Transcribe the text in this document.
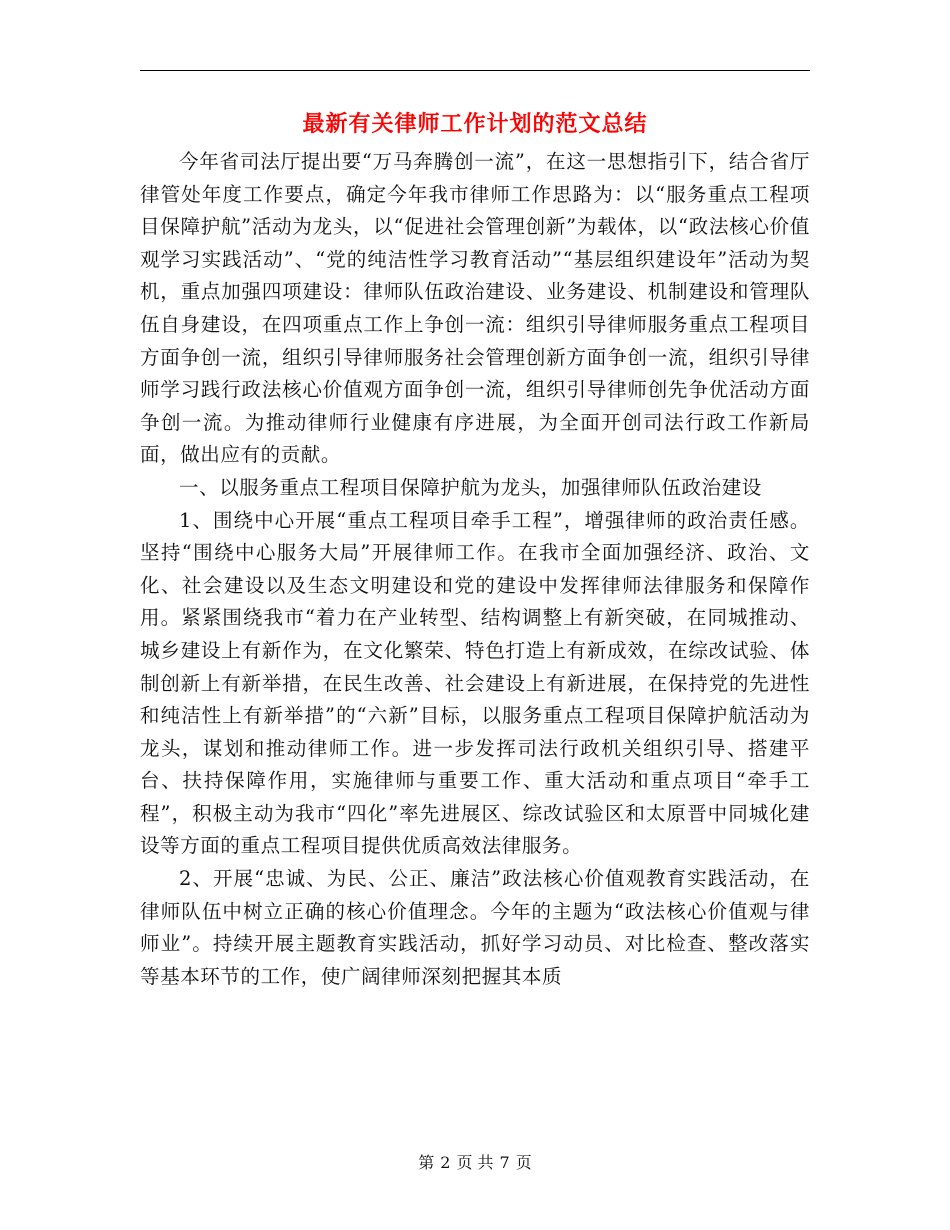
最新有关律师工作计划的范文总结

今年省司法厅提出要“万马奔腾创一流”，在这一思想指引下，结合省厅律管处年度工作要点，确定今年我市律师工作思路为：以“服务重点工程项目保障护航”活动为龙头，以“促进社会管理创新”为载体，以“政法核心价值观学习实践活动”、“党的纯洁性学习教育活动”“基层组织建设年”活动为契机，重点加强四项建设：律师队伍政治建设、业务建设、机制建设和管理队伍自身建设，在四项重点工作上争创一流：组织引导律师服务重点工程项目方面争创一流，组织引导律师服务社会管理创新方面争创一流，组织引导律师学习践行政法核心价值观方面争创一流，组织引导律师创先争优活动方面争创一流。为推动律师行业健康有序进展，为全面开创司法行政工作新局面，做出应有的贡献。

一、以服务重点工程项目保障护航为龙头，加强律师队伍政治建设

1、围绕中心开展“重点工程项目牵手工程”，增强律师的政治责任感。坚持“围绕中心服务大局”开展律师工作。在我市全面加强经济、政治、文化、社会建设以及生态文明建设和党的建设中发挥律师法律服务和保障作用。紧紧围绕我市“着力在产业转型、结构调整上有新突破，在同城推动、城乡建设上有新作为，在文化繁荣、特色打造上有新成效，在综改试验、体制创新上有新举措，在民生改善、社会建设上有新进展，在保持党的先进性和纯洁性上有新举措”的“六新”目标，以服务重点工程项目保障护航活动为龙头，谋划和推动律师工作。进一步发挥司法行政机关组织引导、搭建平台、扶持保障作用，实施律师与重要工作、重大活动和重点项目“牵手工程”，积极主动为我市“四化”率先进展区、综改试验区和太原晋中同城化建设等方面的重点工程项目提供优质高效法律服务。

2、开展“忠诚、为民、公正、廉洁”政法核心价值观教育实践活动，在律师队伍中树立正确的核心价值理念。今年的主题为“政法核心价值观与律师业”。持续开展主题教育实践活动，抓好学习动员、对比检查、整改落实等基本环节的工作，使广阔律师深刻把握其本质

第 2 页 共 7 页
